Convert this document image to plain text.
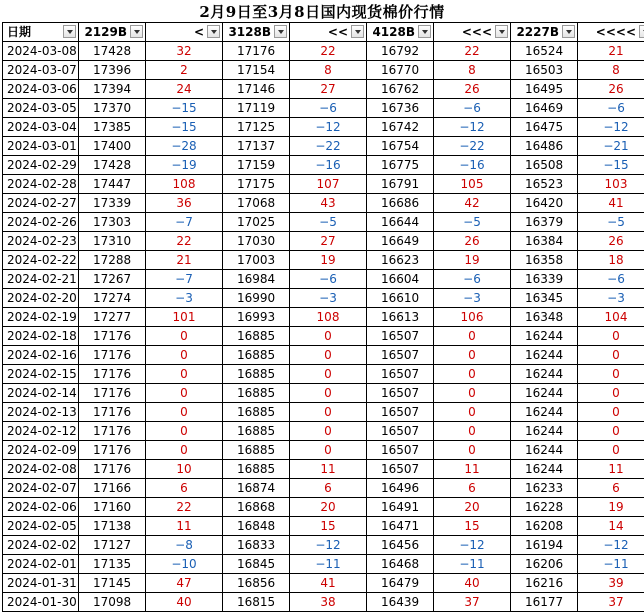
2月9日至3月8日国内现货棉价行情
日期	2129B	<	3128B	<<	4128B	<<<	2227B	<<<<

2024-03-08	17428	32	17176	22	16792	22	16524	21
2024-03-07	17396	2	17154	8	16770	8	16503	8
2024-03-06	17394	24	17146	27	16762	26	16495	26
2024-03-05	17370	−15	17119	−6	16736	−6	16469	−6
2024-03-04	17385	−15	17125	−12	16742	−12	16475	−12
2024-03-01	17400	−28	17137	−22	16754	−22	16486	−21
2024-02-29	17428	−19	17159	−16	16775	−16	16508	−15
2024-02-28	17447	108	17175	107	16791	105	16523	103
2024-02-27	17339	36	17068	43	16686	42	16420	41
2024-02-26	17303	−7	17025	−5	16644	−5	16379	−5
2024-02-23	17310	22	17030	27	16649	26	16384	26
2024-02-22	17288	21	17003	19	16623	19	16358	18
2024-02-21	17267	−7	16984	−6	16604	−6	16339	−6
2024-02-20	17274	−3	16990	−3	16610	−3	16345	−3
2024-02-19	17277	101	16993	108	16613	106	16348	104
2024-02-18	17176	0	16885	0	16507	0	16244	0
2024-02-16	17176	0	16885	0	16507	0	16244	0
2024-02-15	17176	0	16885	0	16507	0	16244	0
2024-02-14	17176	0	16885	0	16507	0	16244	0
2024-02-13	17176	0	16885	0	16507	0	16244	0
2024-02-12	17176	0	16885	0	16507	0	16244	0
2024-02-09	17176	0	16885	0	16507	0	16244	0
2024-02-08	17176	10	16885	11	16507	11	16244	11
2024-02-07	17166	6	16874	6	16496	6	16233	6
2024-02-06	17160	22	16868	20	16491	20	16228	19
2024-02-05	17138	11	16848	15	16471	15	16208	14
2024-02-02	17127	−8	16833	−12	16456	−12	16194	−12
2024-02-01	17135	−10	16845	−11	16468	−11	16206	−11
2024-01-31	17145	47	16856	41	16479	40	16216	39
2024-01-30	17098	40	16815	38	16439	37	16177	37
